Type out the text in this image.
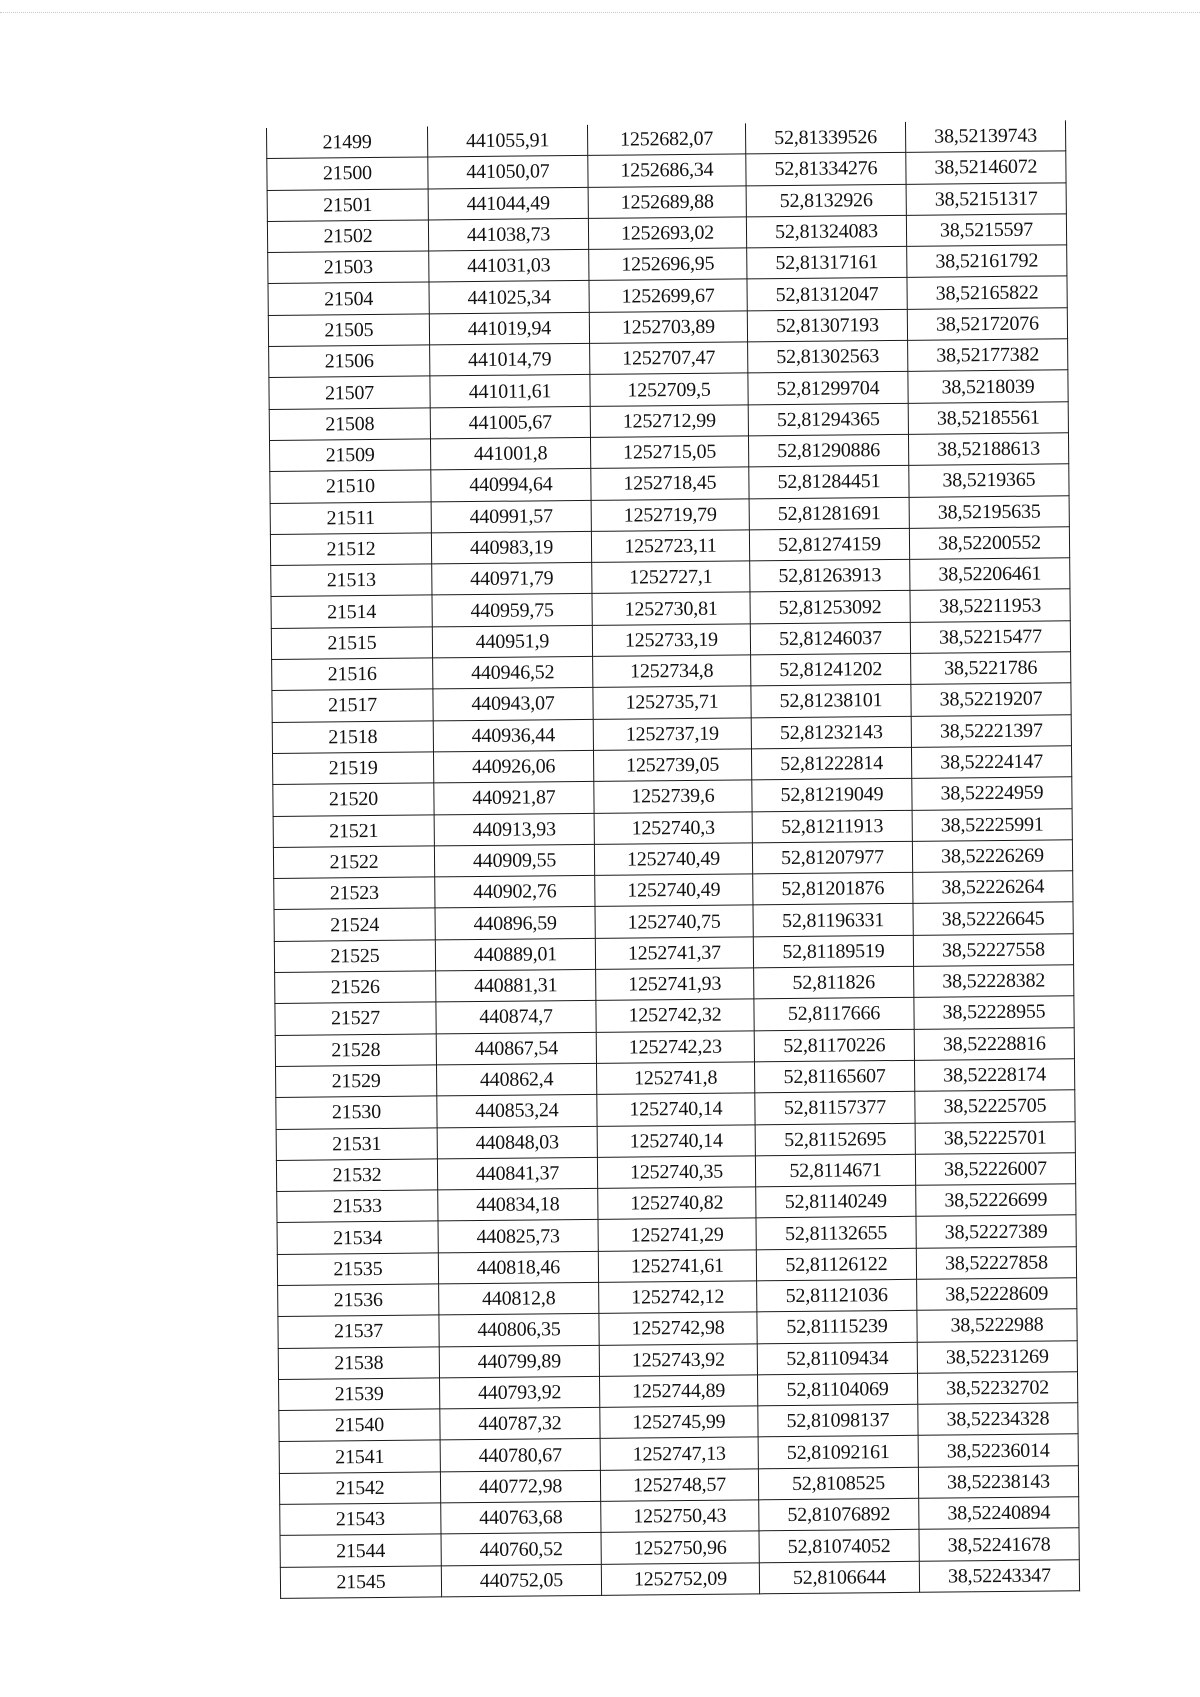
21499	441055,91	1252682,07	52,81339526	38,52139743
21500	441050,07	1252686,34	52,81334276	38,52146072
21501	441044,49	1252689,88	52,8132926	38,52151317
21502	441038,73	1252693,02	52,81324083	38,5215597
21503	441031,03	1252696,95	52,81317161	38,52161792
21504	441025,34	1252699,67	52,81312047	38,52165822
21505	441019,94	1252703,89	52,81307193	38,52172076
21506	441014,79	1252707,47	52,81302563	38,52177382
21507	441011,61	1252709,5	52,81299704	38,5218039
21508	441005,67	1252712,99	52,81294365	38,52185561
21509	441001,8	1252715,05	52,81290886	38,52188613
21510	440994,64	1252718,45	52,81284451	38,5219365
21511	440991,57	1252719,79	52,81281691	38,52195635
21512	440983,19	1252723,11	52,81274159	38,52200552
21513	440971,79	1252727,1	52,81263913	38,52206461
21514	440959,75	1252730,81	52,81253092	38,52211953
21515	440951,9	1252733,19	52,81246037	38,52215477
21516	440946,52	1252734,8	52,81241202	38,5221786
21517	440943,07	1252735,71	52,81238101	38,52219207
21518	440936,44	1252737,19	52,81232143	38,52221397
21519	440926,06	1252739,05	52,81222814	38,52224147
21520	440921,87	1252739,6	52,81219049	38,52224959
21521	440913,93	1252740,3	52,81211913	38,52225991
21522	440909,55	1252740,49	52,81207977	38,52226269
21523	440902,76	1252740,49	52,81201876	38,52226264
21524	440896,59	1252740,75	52,81196331	38,52226645
21525	440889,01	1252741,37	52,81189519	38,52227558
21526	440881,31	1252741,93	52,811826	38,52228382
21527	440874,7	1252742,32	52,8117666	38,52228955
21528	440867,54	1252742,23	52,81170226	38,52228816
21529	440862,4	1252741,8	52,81165607	38,52228174
21530	440853,24	1252740,14	52,81157377	38,52225705
21531	440848,03	1252740,14	52,81152695	38,52225701
21532	440841,37	1252740,35	52,8114671	38,52226007
21533	440834,18	1252740,82	52,81140249	38,52226699
21534	440825,73	1252741,29	52,81132655	38,52227389
21535	440818,46	1252741,61	52,81126122	38,52227858
21536	440812,8	1252742,12	52,81121036	38,52228609
21537	440806,35	1252742,98	52,81115239	38,5222988
21538	440799,89	1252743,92	52,81109434	38,52231269
21539	440793,92	1252744,89	52,81104069	38,52232702
21540	440787,32	1252745,99	52,81098137	38,52234328
21541	440780,67	1252747,13	52,81092161	38,52236014
21542	440772,98	1252748,57	52,8108525	38,52238143
21543	440763,68	1252750,43	52,81076892	38,52240894
21544	440760,52	1252750,96	52,81074052	38,52241678
21545	440752,05	1252752,09	52,8106644	38,52243347
